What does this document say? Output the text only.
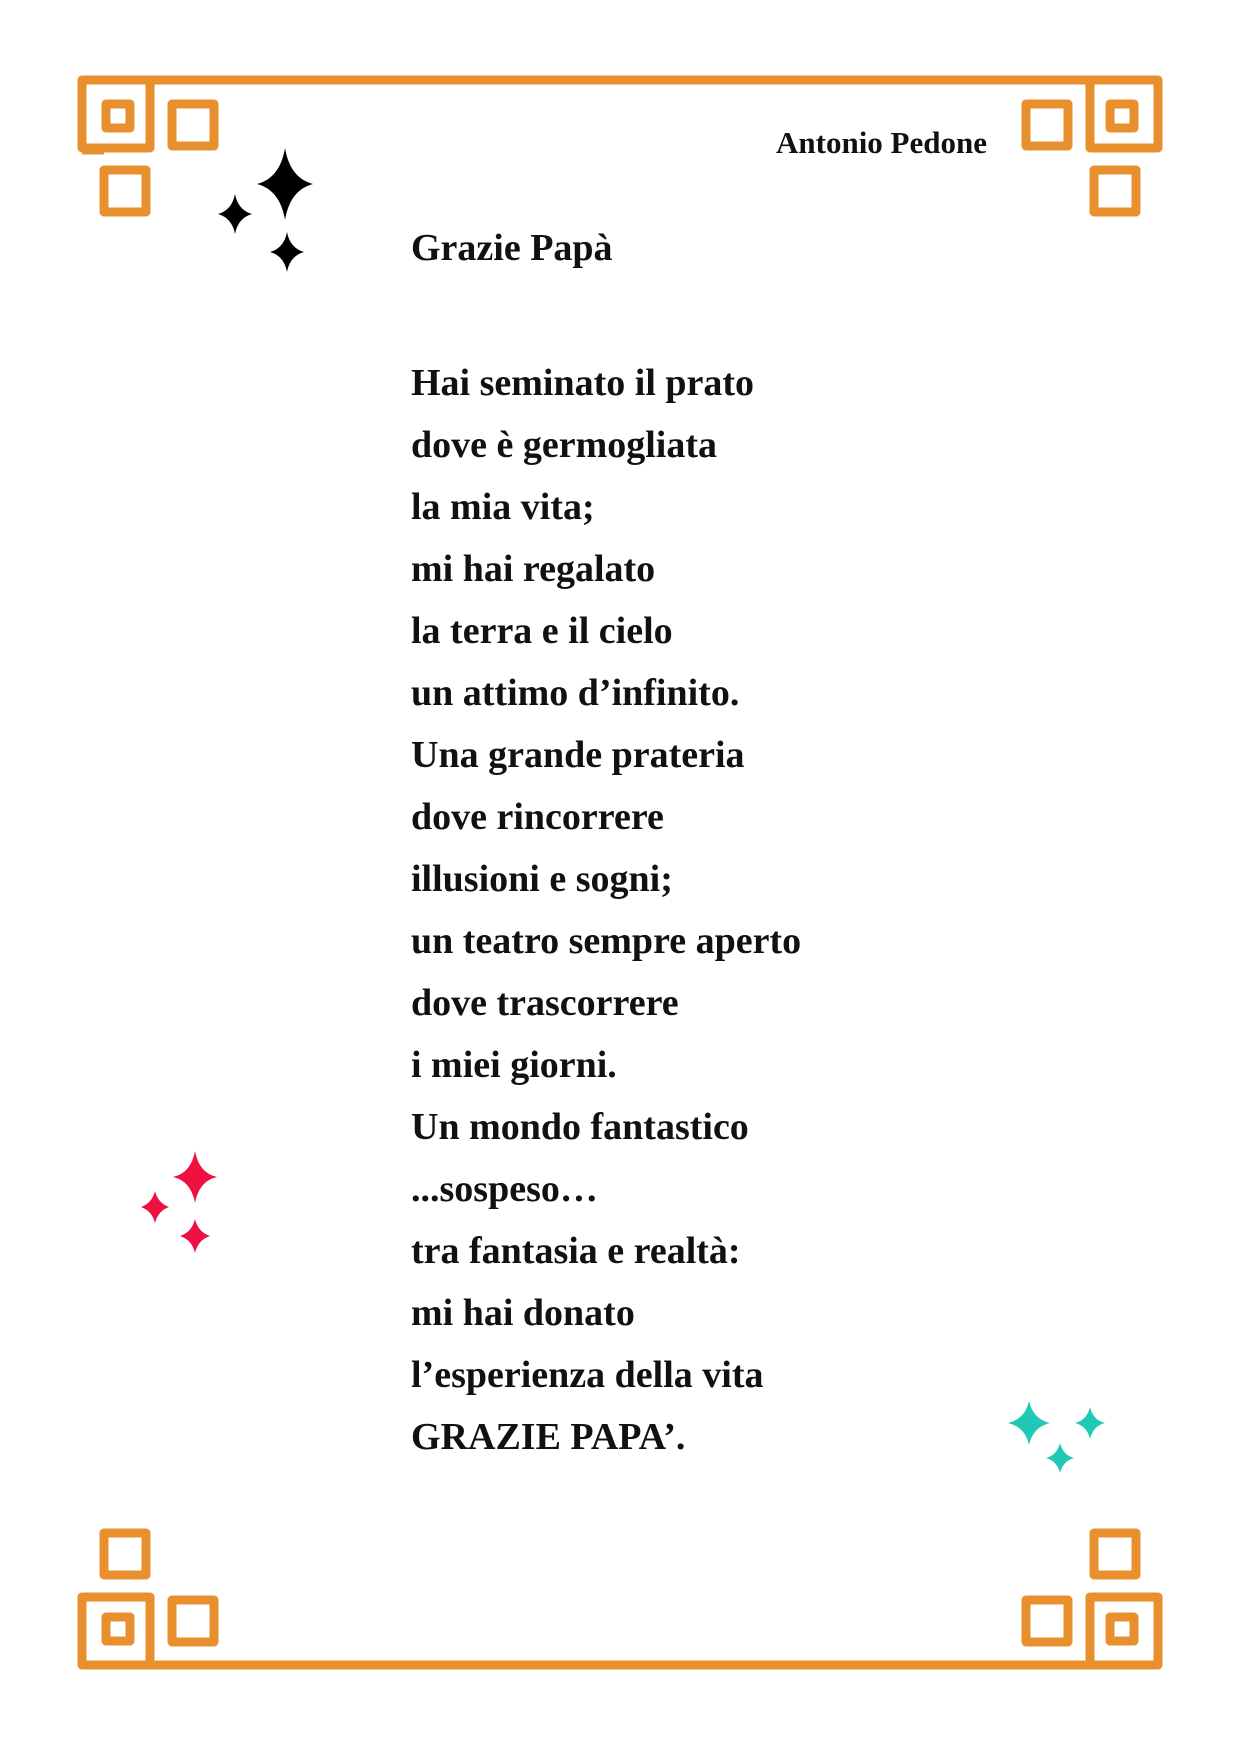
Antonio Pedone
Grazie Papà
Hai seminato il prato
dove è germogliata
la mia vita;
mi hai regalato
la terra e il cielo
un attimo d’infinito.
Una grande prateria
dove rincorrere
illusioni e sogni;
un teatro sempre aperto
dove trascorrere
i miei giorni.
Un mondo fantastico
...sospeso…
tra fantasia e realtà:
mi hai donato
l’esperienza della vita
GRAZIE PAPA’.
